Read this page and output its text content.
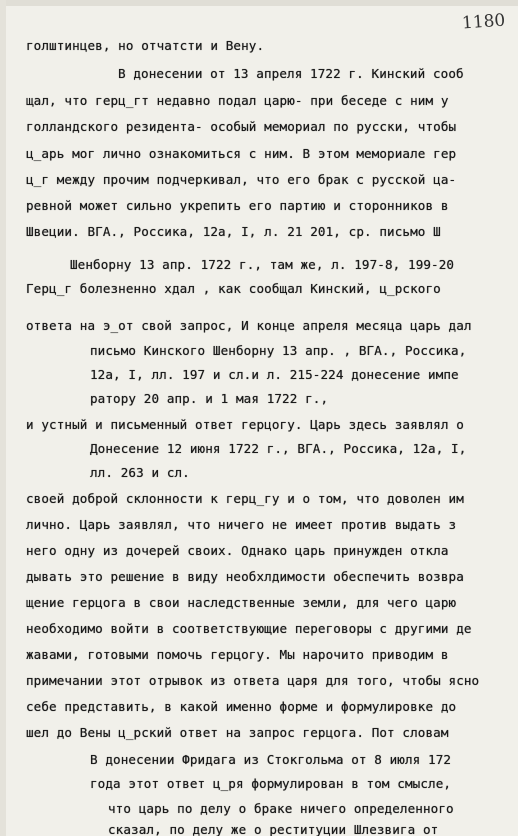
1180
голштинцев, но отчатсти и Вену.
В донесении от 13 апреля 1722 г. Кинский сооб
щал, что герц_гт недавно подал царю- при беседе с ним у
голландского резидента- особый мемориал по русски, чтобы
ц_арь мог лично ознакомиться с ним. В этом мемориале гер
ц_г между прочим подчеркивал, что его брак с русской ца-
ревной может сильно укрепить его партию и сторонников в
Швеции. ВГА., Россика, 12а, I, л. 21 201, ср. письмо Ш
Шенборну 13 апр. 1722 г., там же, л. 197-8, 199-20
Герц_г болезненно хдал , как сообщал Кинский, ц_рского
ответа на э_от свой запрос, И конце апреля месяца царь дал
письмо Кинского Шенборну 13 апр. , ВГА., Россика,
12а, I, лл. 197 и сл.и л. 215-224 донесение импе
ратору 20 апр. и 1 мая 1722 г.,
и устный и письменный ответ герцогу. Царь здесь заявлял о
Донесение 12 июня 1722 г., ВГА., Россика, 12а, I,
лл. 263 и сл.
своей доброй склонности к герц_гу и о том, что доволен им
лично. Царь заявлял, что ничего не имеет против выдать з
него одну из дочерей своих. Однако царь принужден откла
дывать это решение в виду необхлдимости обеспечить возвра
щение герцога в свои наследственные земли, для чего царю
необходимо войти в соответствующие переговоры с другими де
жавами, готовыми помочь герцогу. Мы нарочито приводим в
примечании этот отрывок из ответа царя для того, чтобы ясно
себе представить, в какой именно форме и формулировке до
шел до Вены ц_рский ответ на запрос герцога. Пот словам
В донесении Фридага из Стокгольма от 8 июля 172
года этот ответ ц_ря формулирован в том смысле,
что царь по делу о браке ничего определенного
сказал, по делу же о реституции Шлезвига от
